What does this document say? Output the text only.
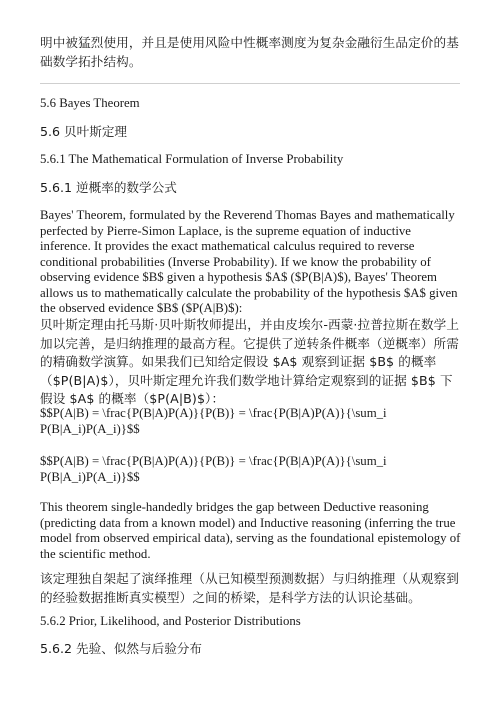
明中被猛烈使用，并且是使用风险中性概率测度为复杂金融衍生品定价的基础数学拓扑结构。

5.6 Bayes Theorem

5.6 贝叶斯定理

5.6.1 The Mathematical Formulation of Inverse Probability

5.6.1 逆概率的数学公式

Bayes' Theorem, formulated by the Reverend Thomas Bayes and mathematically perfected by Pierre-Simon Laplace, is the supreme equation of inductive inference. It provides the exact mathematical calculus required to reverse conditional probabilities (Inverse Probability). If we know the probability of observing evidence $B$ given a hypothesis $A$ ($P(B|A)$), Bayes' Theorem allows us to mathematically calculate the probability of the hypothesis $A$ given the observed evidence $B$ ($P(A|B)$):

贝叶斯定理由托马斯·贝叶斯牧师提出，并由皮埃尔-西蒙·拉普拉斯在数学上加以完善，是归纳推理的最高方程。它提供了逆转条件概率（逆概率）所需的精确数学演算。如果我们已知给定假设 $A$ 观察到证据 $B$ 的概率（$P(B|A)$），贝叶斯定理允许我们数学地计算给定观察到的证据 $B$ 下假设 $A$ 的概率（$P(A|B)$）：

$$P(A|B) = \frac{P(B|A)P(A)}{P(B)} = \frac{P(B|A)P(A)}{\sum_i P(B|A_i)P(A_i)}$$

$$P(A|B) = \frac{P(B|A)P(A)}{P(B)} = \frac{P(B|A)P(A)}{\sum_i P(B|A_i)P(A_i)}$$

This theorem single-handedly bridges the gap between Deductive reasoning (predicting data from a known model) and Inductive reasoning (inferring the true model from observed empirical data), serving as the foundational epistemology of the scientific method.

该定理独自架起了演绎推理（从已知模型预测数据）与归纳推理（从观察到的经验数据推断真实模型）之间的桥梁，是科学方法的认识论基础。

5.6.2 Prior, Likelihood, and Posterior Distributions

5.6.2 先验、似然与后验分布
